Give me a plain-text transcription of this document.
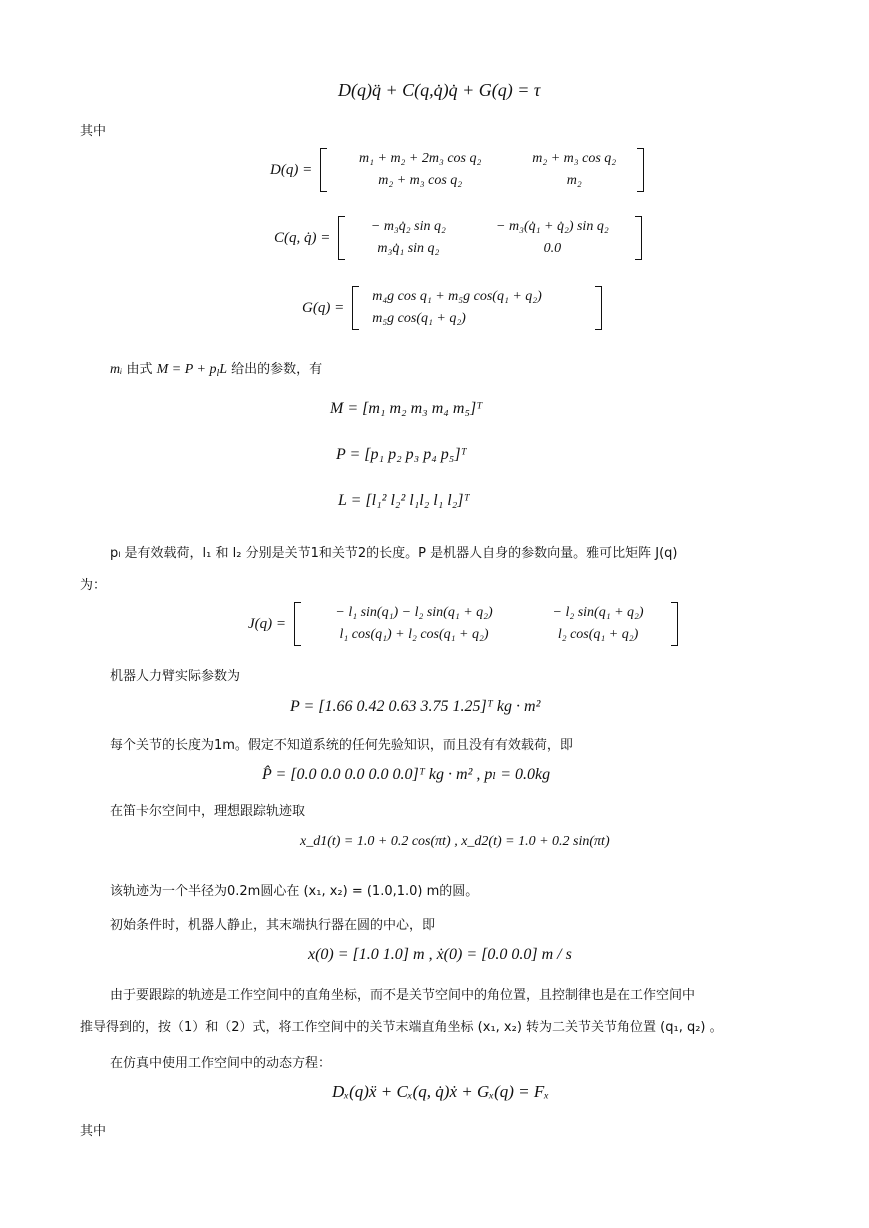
D(q)q̈ + C(q,q̇)q̇ + G(q) = τ
其中
D(q) =
m₁ + m₂ + 2m₃ cos q₂	m₂ + m₃ cos q₂
m₂ + m₃ cos q₂	m₂
C(q, q̇) =
− m₃q̇₂ sin q₂	− m₃(q̇₁ + q̇₂) sin q₂
m₃q̇₁ sin q₂	0.0
G(q) =
m₄g cos q₁ + m₅g cos(q₁ + q₂)
m₅g cos(q₁ + q₂)
mᵢ 由式 $M = P + p_lL$ 给出的参数，有
M = [m₁ m₂ m₃ m₄ m₅]ᵀ
P = [p₁ p₂ p₃ p₄ p₅]ᵀ
L = [l₁² l₂² l₁l₂ l₁ l₂]ᵀ
pₗ 是有效载荷，l₁ 和 l₂ 分别是关节1和关节2的长度。P 是机器人自身的参数向量。雅可比矩阵 J(q)
为：
J(q) =
− l₁ sin(q₁) − l₂ sin(q₁ + q₂)	− l₂ sin(q₁ + q₂)
l₁ cos(q₁) + l₂ cos(q₁ + q₂)	l₂ cos(q₁ + q₂)
机器人力臂实际参数为
P = [1.66 0.42 0.63 3.75 1.25]ᵀ kg · m²
每个关节的长度为1m。假定不知道系统的任何先验知识，而且没有有效载荷，即
P̂ = [0.0 0.0 0.0 0.0 0.0]ᵀ kg · m² , pₗ = 0.0kg
在笛卡尔空间中，理想跟踪轨迹取
x_d1(t) = 1.0 + 0.2 cos(πt) , x_d2(t) = 1.0 + 0.2 sin(πt)
该轨迹为一个半径为0.2m圆心在 (x₁, x₂) = (1.0,1.0) m的圆。
初始条件时，机器人静止，其末端执行器在圆的中心，即
x(0) = [1.0 1.0] m , ẋ(0) = [0.0 0.0] m / s
由于要跟踪的轨迹是工作空间中的直角坐标，而不是关节空间中的角位置，且控制律也是在工作空间中
推导得到的，按（1）和（2）式，将工作空间中的关节末端直角坐标 (x₁, x₂) 转为二关节关节角位置 (q₁, q₂) 。
在仿真中使用工作空间中的动态方程：
Dₓ(q)ẍ + Cₓ(q, q̇)ẋ + Gₓ(q) = Fₓ
其中
